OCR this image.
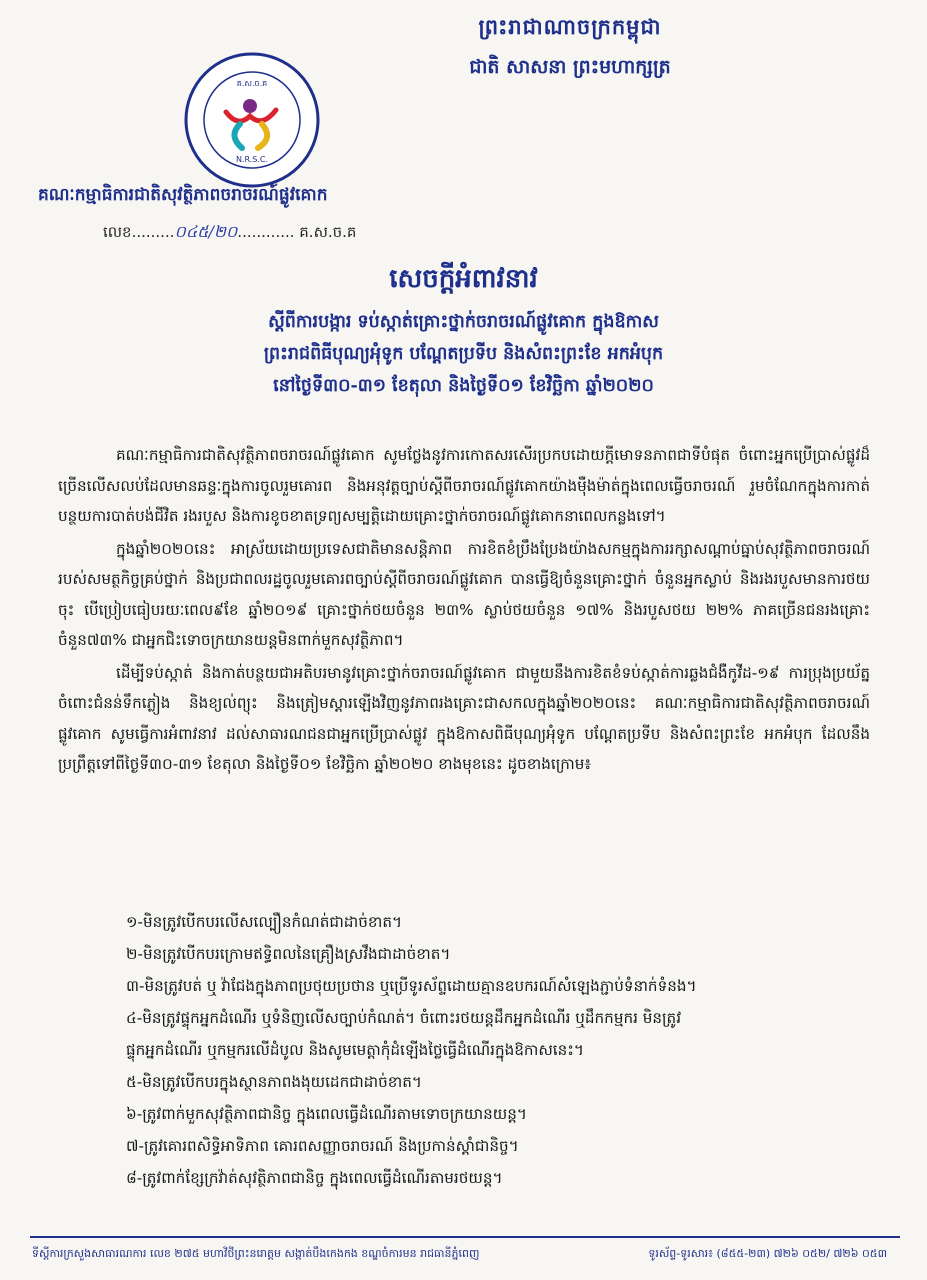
ព្រះរាជាណាចក្រកម្ពុជា
ជាតិ សាសនា ព្រះមហាក្សត្រ
គ.ស.ច.គ
N.R.S.C.
គណៈកម្មាធិការជាតិសុវត្ថិភាពចរាចរណ៍ផ្លូវគោក
លេខ.........០៤៥/២០............ គ.ស.ច.គ
សេចក្តីអំពាវនាវ
ស្តីពីការបង្ការ ទប់ស្កាត់គ្រោះថ្នាក់ចរាចរណ៍ផ្លូវគោក ក្នុងឱកាស
ព្រះរាជពិធីបុណ្យអុំទូក បណ្តែតប្រទីប និងសំពះព្រះខែ អកអំបុក
នៅថ្ងៃទី៣០-៣១ ខែតុលា និងថ្ងៃទី០១ ខែវិច្ឆិកា ឆ្នាំ២០២០

គណៈកម្មាធិការជាតិសុវត្ថិភាពចរាចរណ៍ផ្លូវគោក សូមថ្លែងនូវការកោតសរសើរប្រកបដោយក្តីមោទនភាពជាទីបំផុត ចំពោះអ្នកប្រើប្រាស់ផ្លូវដ៏ច្រើនលើសលប់ដែលមានឆន្ទៈក្នុងការចូលរួមគោរព និងអនុវត្តច្បាប់ស្តីពីចរាចរណ៍ផ្លូវគោកយ៉ាងម៉ឺងម៉ាត់ក្នុងពេលធ្វើចរាចរណ៍ រួមចំណែកក្នុងការកាត់បន្ថយការបាត់បង់ជីវិត រងរបួស និងការខូចខាតទ្រព្យសម្បត្តិដោយគ្រោះថ្នាក់ចរាចរណ៍ផ្លូវគោកនាពេលកន្លងទៅ។

ក្នុងឆ្នាំ២០២០នេះ អាស្រ័យដោយប្រទេសជាតិមានសន្តិភាព ការខិតខំប្រឹងប្រែងយ៉ាងសកម្មក្នុងការរក្សាសណ្តាប់ធ្នាប់សុវត្ថិភាពចរាចរណ៍របស់សមត្ថកិច្ចគ្រប់ថ្នាក់ និងប្រជាពលរដ្ឋចូលរួមគោរពច្បាប់ស្តីពីចរាចរណ៍ផ្លូវគោក បានធ្វើឱ្យចំនួនគ្រោះថ្នាក់ ចំនួនអ្នកស្លាប់ និងរងរបួសមានការថយចុះ បើប្រៀបធៀបរយៈពេល៩ខែ ឆ្នាំ២០១៩ គ្រោះថ្នាក់ថយចំនួន ២៣% ស្លាប់ថយចំនួន ១៧% និងរបួសថយ ២២% ភាគច្រើនជនរងគ្រោះចំនួន៧៣% ជាអ្នកជិះទោចក្រយានយន្តមិនពាក់មួកសុវត្ថិភាព។

ដើម្បីទប់ស្កាត់ និងកាត់បន្ថយជាអតិបរមានូវគ្រោះថ្នាក់ចរាចរណ៍ផ្លូវគោក ជាមួយនឹងការខិតខំទប់ស្កាត់ការឆ្លងជំងឺកូវីដ-១៩ ការប្រុងប្រយ័ត្នចំពោះជំនន់ទឹកភ្លៀង និងខ្យល់ព្យុះ និងត្រៀមស្តារឡើងវិញនូវភាពរងគ្រោះជាសកលក្នុងឆ្នាំ២០២០នេះ គណៈកម្មាធិការជាតិសុវត្ថិភាពចរាចរណ៍ផ្លូវគោក សូមធ្វើការអំពាវនាវ ដល់សាធារណជនជាអ្នកប្រើប្រាស់ផ្លូវ ក្នុងឱកាសពិធីបុណ្យអុំទូក បណ្តែតប្រទីប និងសំពះព្រះខែ អកអំបុក ដែលនឹងប្រព្រឹត្តទៅពីថ្ងៃទី៣០-៣១ ខែតុលា និងថ្ងៃទី០១ ខែវិច្ឆិកា ឆ្នាំ២០២០ ខាងមុខនេះ ដូចខាងក្រោម៖

១-មិនត្រូវបើកបរលើសល្បឿនកំណត់ជាដាច់ខាត។
២-មិនត្រូវបើកបរក្រោមឥទ្ធិពលនៃគ្រឿងស្រវឹងជាដាច់ខាត។
៣-មិនត្រូវបត់ ឬ វ៉ាជែងក្នុងភាពប្រថុយប្រថាន ឬប្រើទូរស័ព្ទដោយគ្មានឧបករណ៍សំឡេងភ្ជាប់ទំនាក់ទំនង។
៤-មិនត្រូវផ្ទុកអ្នកដំណើរ ឬទំនិញលើសច្បាប់កំណត់។ ចំពោះរថយន្តដឹកអ្នកដំណើរ ឬដឹកកម្មករ មិនត្រូវ
ផ្ទុកអ្នកដំណើរ ឬកម្មករលើដំបូល និងសូមមេត្តាកុំដំឡើងថ្លៃធ្វើដំណើរក្នុងឱកាសនេះ។
៥-មិនត្រូវបើកបរក្នុងស្ថានភាពងងុយដេកជាដាច់ខាត។
៦-ត្រូវពាក់មួកសុវត្ថិភាពជានិច្ច ក្នុងពេលធ្វើដំណើរតាមទោចក្រយានយន្ត។
៧-ត្រូវគោរពសិទ្ធិអាទិភាព គោរពសញ្ញាចរាចរណ៍ និងប្រកាន់ស្តាំជានិច្ច។
៨-ត្រូវពាក់ខ្សែក្រវ៉ាត់សុវត្ថិភាពជានិច្ច ក្នុងពេលធ្វើដំណើរតាមរថយន្ត។
ទីស្តីការក្រសួងសាធារណការ លេខ ២៧៥ មហាវិថីព្រះនរោត្តម សង្កាត់បឹងកេងកង ខណ្ឌចំការមន រាជធានីភ្នំពេញ	ទូរស័ព្ទ-ទូរសារ៖ (៨៥៥-២៣) ៧២៦ ០៥២/ ៧២៦ ០៥៣
